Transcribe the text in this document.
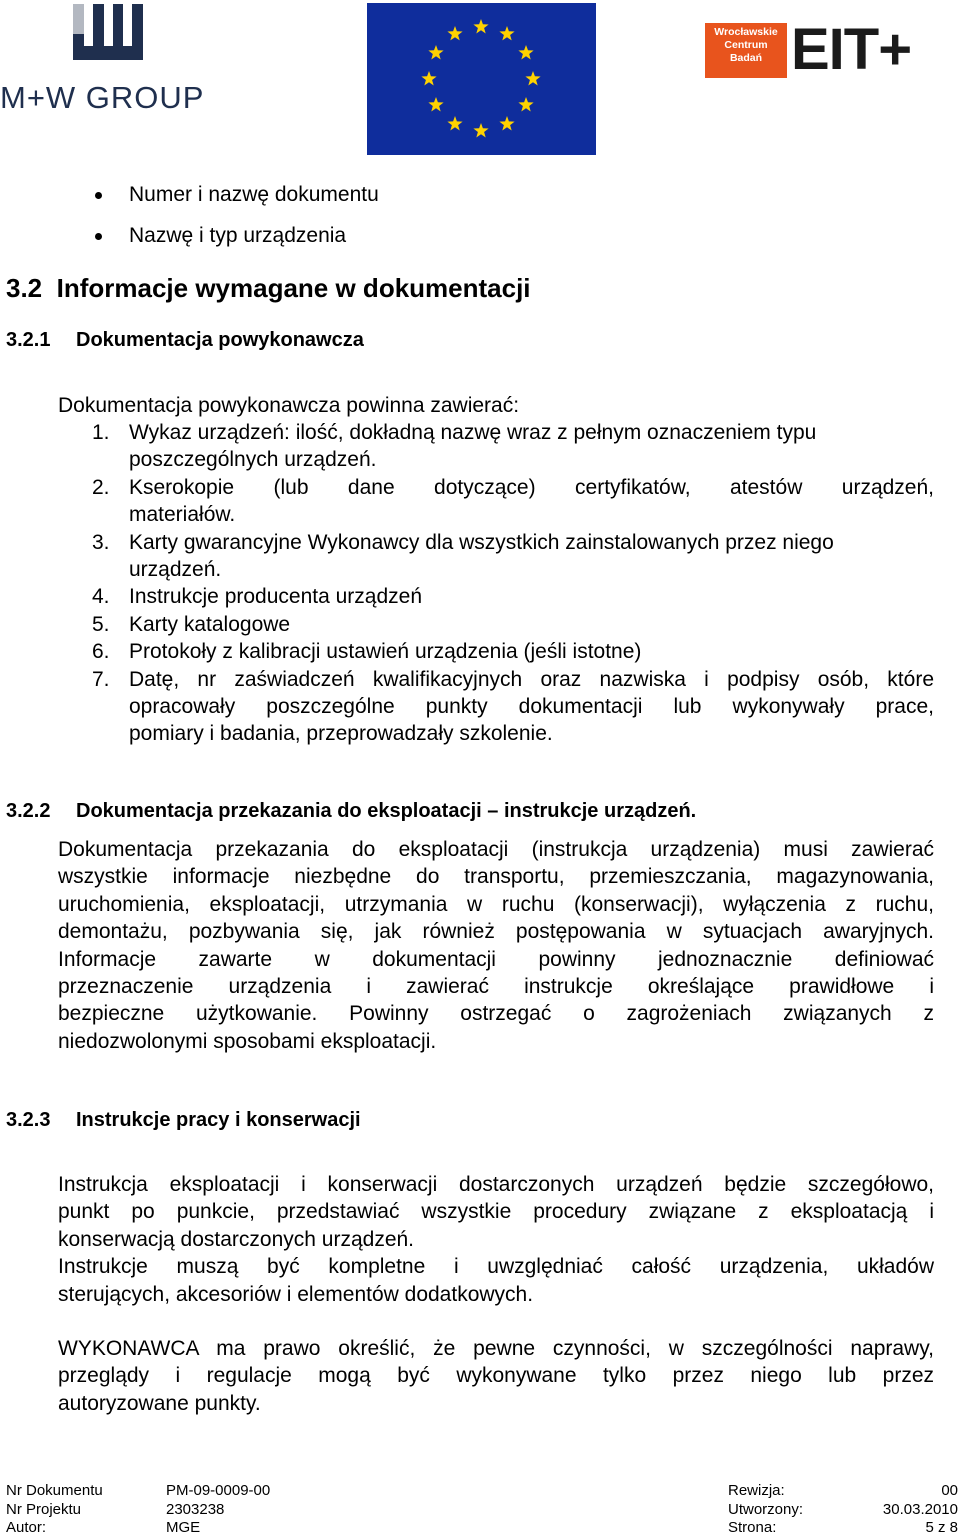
M+W GROUP
Wrocławskie
Centrum
Badań EIT+
Numer i nazwę dokumentu
Nazwę i typ urządzenia
3.2 Informacje wymagane w dokumentacji
3.2.1 Dokumentacja powykonawcza
Dokumentacja powykonawcza powinna zawierać:
1. Wykaz urządzeń: ilość, dokładną nazwę wraz z pełnym oznaczeniem typu
poszczególnych urządzeń.
2. Kserokopie (lub dane dotyczące) certyfikatów, atestów urządzeń,
materiałów.
3. Karty gwarancyjne Wykonawcy dla wszystkich zainstalowanych przez niego
urządzeń.
4. Instrukcje producenta urządzeń
5. Karty katalogowe
6. Protokoły z kalibracji ustawień urządzenia (jeśli istotne)
7. Datę, nr zaświadczeń kwalifikacyjnych oraz nazwiska i podpisy osób, które
opracowały poszczególne punkty dokumentacji lub wykonywały prace,
pomiary i badania, przeprowadzały szkolenie.
3.2.2 Dokumentacja przekazania do eksploatacji – instrukcje urządzeń.
Dokumentacja przekazania do eksploatacji (instrukcja urządzenia) musi zawierać
wszystkie informacje niezbędne do transportu, przemieszczania, magazynowania,
uruchomienia, eksploatacji, utrzymania w ruchu (konserwacji), wyłączenia z ruchu,
demontażu, pozbywania się, jak również postępowania w sytuacjach awaryjnych.
Informacje zawarte w dokumentacji powinny jednoznacznie definiować
przeznaczenie urządzenia i zawierać instrukcje określające prawidłowe i
bezpieczne użytkowanie. Powinny ostrzegać o zagrożeniach związanych z
niedozwolonymi sposobami eksploatacji.
3.2.3 Instrukcje pracy i konserwacji
Instrukcja eksploatacji i konserwacji dostarczonych urządzeń będzie szczegółowo,
punkt po punkcie, przedstawiać wszystkie procedury związane z eksploatacją i
konserwacją dostarczonych urządzeń.
Instrukcje muszą być kompletne i uwzględniać całość urządzenia, układów
sterujących, akcesoriów i elementów dodatkowych.
WYKONAWCA ma prawo określić, że pewne czynności, w szczególności naprawy,
przeglądy i regulacje mogą być wykonywane tylko przez niego lub przez
autoryzowane punkty.
Nr Dokumentu	PM-09-0009-00
Nr Projektu	2303238
Autor:	MGE
Rewizja:	00
Utworzony:	30.03.2010
Strona:	5 z 8
